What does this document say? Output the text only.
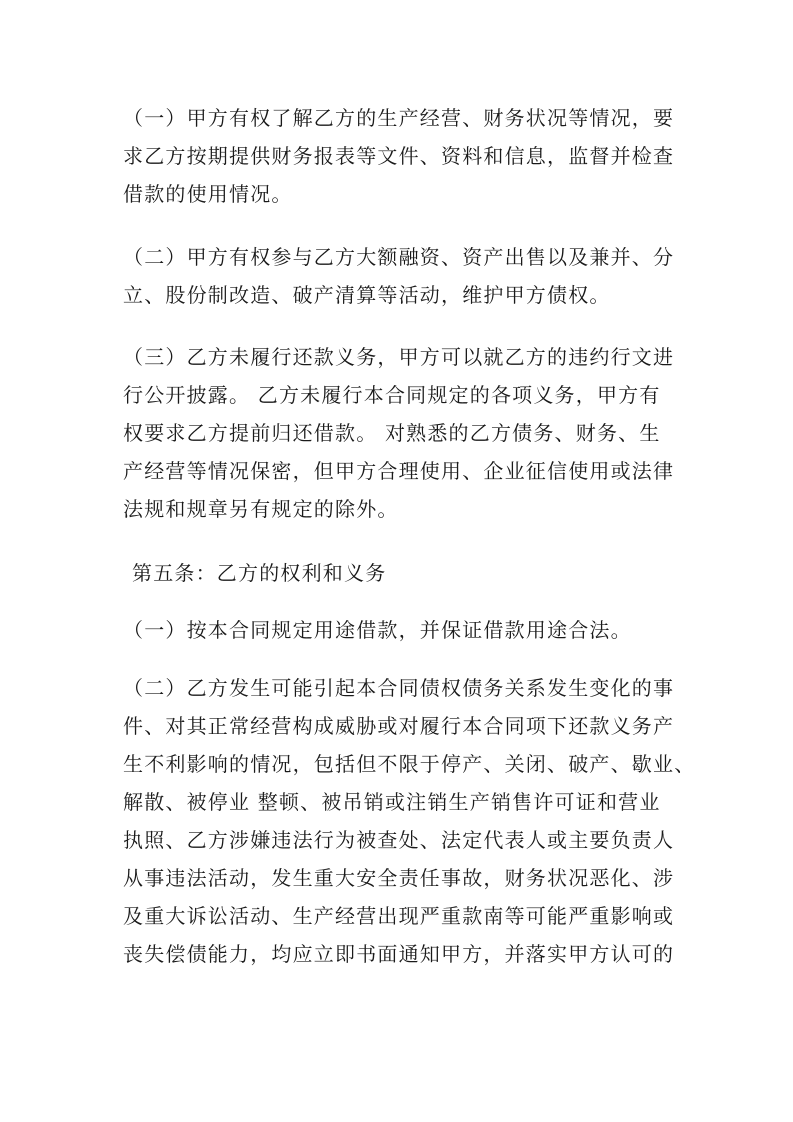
（一）甲方有权了解乙方的生产经营、财务状况等情况，要

求乙方按期提供财务报表等文件、资料和信息，监督并检查

借款的使用情况。

（二）甲方有权参与乙方大额融资、资产出售以及兼并、分

立、股份制改造、破产清算等活动，维护甲方债权。

（三）乙方未履行还款义务，甲方可以就乙方的违约行文进

行公开披露。 乙方未履行本合同规定的各项义务，甲方有

权要求乙方提前归还借款。 对熟悉的乙方债务、财务、生

产经营等情况保密，但甲方合理使用、企业征信使用或法律

法规和规章另有规定的除外。

第五条：乙方的权利和义务

（一）按本合同规定用途借款，并保证借款用途合法。

（二）乙方发生可能引起本合同债权债务关系发生变化的事

件、对其正常经营构成威胁或对履行本合同项下还款义务产

生不利影响的情况，包括但不限于停产、关闭、破产、歇业、

解散、被停业 整顿、被吊销或注销生产销售许可证和营业

执照、乙方涉嫌违法行为被查处、法定代表人或主要负责人

从事违法活动，发生重大安全责任事故，财务状况恶化、涉

及重大诉讼活动、生产经营出现严重款南等可能严重影响或

丧失偿债能力，均应立即书面通知甲方，并落实甲方认可的
